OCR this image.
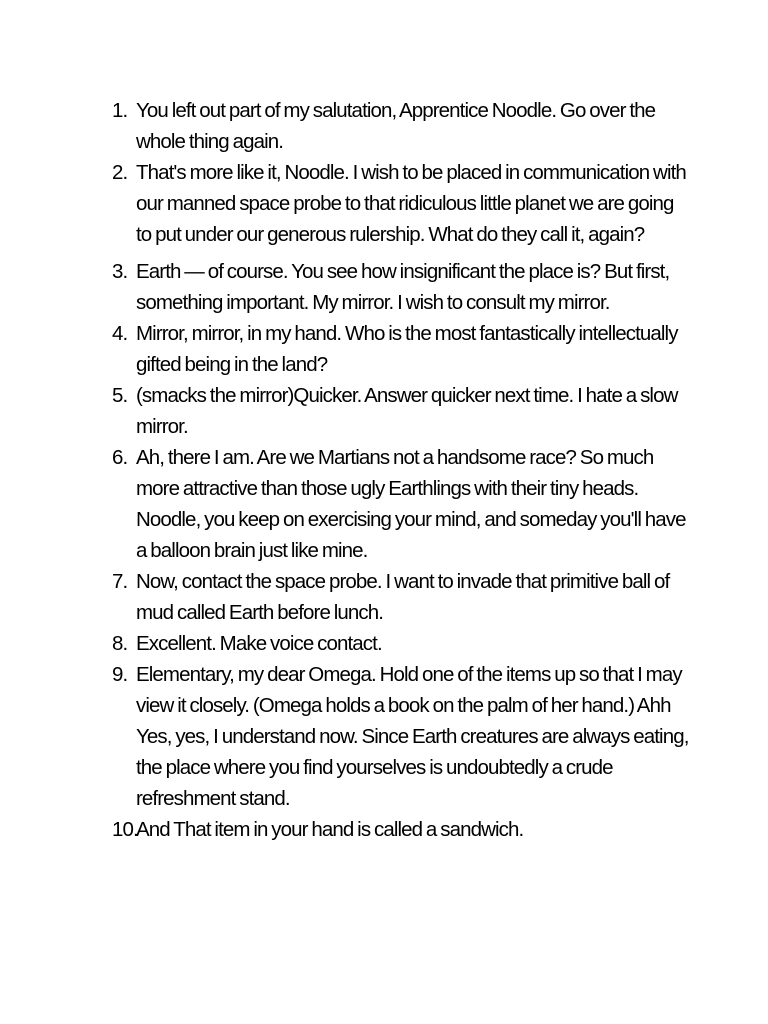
1. You left out part of my salutation, Apprentice Noodle. Go over the whole thing again.
2. That's more like it, Noodle. I wish to be placed in communication with our manned space probe to that ridiculous little planet we are going to put under our generous rulership. What do they call it, again?
3. Earth — of course. You see how insignificant the place is? But first, something important. My mirror. I wish to consult my mirror.
4. Mirror, mirror, in my hand. Who is the most fantastically intellectually gifted being in the land?
5. (smacks the mirror)Quicker. Answer quicker next time. I hate a slow mirror.
6. Ah, there I am. Are we Martians not a handsome race? So much more attractive than those ugly Earthlings with their tiny heads. Noodle, you keep on exercising your mind, and someday you'll have a balloon brain just like mine.
7. Now, contact the space probe. I want to invade that primitive ball of mud called Earth before lunch.
8. Excellent. Make voice contact.
9. Elementary, my dear Omega. Hold one of the items up so that I may view it closely. (Omega holds a book on the palm of her hand.) Ahh Yes, yes, I understand now. Since Earth creatures are always eating, the place where you find yourselves is undoubtedly a crude refreshment stand.
10.
And That item in your hand is called a sandwich.
